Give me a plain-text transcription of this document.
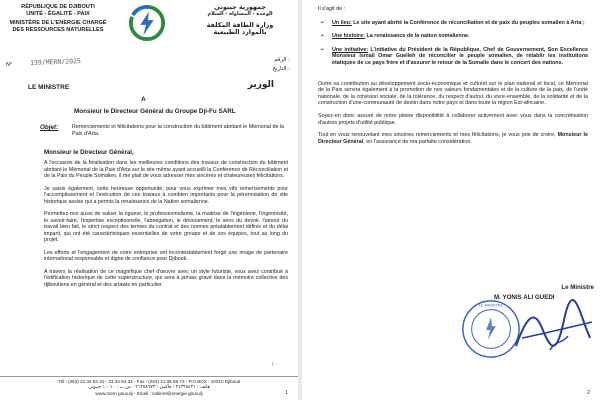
RÉPUBLIQUE DE DJIBOUTI
UNITÉ - ÉGALITÉ - PAIX
MINISTÈRE DE L'ENERGIE CHARGÉ
DES RESSOURCES NATURELLES
جمهورية جيبوتي
الوحدة - المساواة - السلام
وزارة الطاقة المكلفة
بالموارد الطبيعية
N°	139/MERN/2025	الرقم :
التاريخ :
LE MINISTRE	الوزير
A
Monsieur le Directeur Général du Groupe Dji-Fu SARL
Objet:	Remerciements et félicitations pour la construction du bâtiment abritant le Mémorial de la Paix d'Arta.
Monsieur le Directeur Général,

A l'occasion de la finalisation dans les meilleures conditions des travaux de construction du bâtiment abritant le Mémorial de la Paix d'Arta sur le site même ayant accueilli la Conférence de Réconciliation et de la Paix du Peuple Somalien, il me plait de vous adresser mes sincères et chaleureuses félicitations.

Je saisis également, cette heureuse opportunité, pour vous exprimer mes vifs remerciements pour l'accomplissement et l'exécution de ces travaux à combien importants pour la pérennisation de site historique assise qui a permis la renaissance de la Nation somalienne.

Permettez-moi aussi de saluer la rigueur, le professionnalisme, la maitrise de l'ingénierie, l'ingéniosité, le savoir-faire, l'expertise exceptionnelle, l'abnégation, le dévouement, le sens du devoir, l'amour du travail bien fait, le strict respect des termes du contrat et des normes préalablement définis et du délai imparti, qui ont été caractéristiques essentielles de votre groupe et de vos équipes, tout au long du projet.

Les efforts et l'engagement de votre entreprise ont incontestablement forgé une image de partenaire international responsable et digne de confiance pour Djibouti.

A travers la réalisation de ce magnifique chef d'œuvre avec un style futuriste, vous avez contribué à l'édification historique de cette superstructure, qui sera à jamais gravé dans la mémoire collective des djiboutiens en général et des artawis en particulier.

١٠
Tél : (253) 21 32 54 31 - 21 32 54 34 - Fax : (253) 21 35 86 73 - P.O.BOX : 10010 Djibouti
هاتف : ٢١٣٢٥٤٣١ - فاكس : ٢١٣٥٨٦٧٣ - ص.ب : ١٠٠١٠ جيبوتي
www.mern.gouv.dj - Email : cabinet@energie.gouv.dj	1

Il s'agit de :

➢ Un lieu: Le site ayant abrité la Conférence de réconciliation et de paix du peuples somalien à Arta ;
➢ Une histoire: La renaissance de la nation somalienne.
➢ Une initiative: L'initiative du Président de la République, Chef de Gouvernement, Son Excellence Monsieur Ismail Omar Guelleh de réconcilier le peuple somalien, de rétablir les institutions étatiques de ce pays frère et d'assurer le retour de la Somalie dans le concert des nations.

Outre sa contribution au développement socio-économique et culturel sur le plan national et local, ce Mémorial de la Paix servira également à la promotion de nos valeurs fondamentales et de la culture de la paix, de l'unité nationale, de la cohésion sociale, de la tolérance, du respect d'autrui, du vivre-ensemble, de la solidarité et de la construction d'une-communauté de destin dans notre pays et dans toute la région Est-africaine.

Soyez-en donc assuré de notre pleine disponibilité à collaborer activement avec vous dans la concrétisation d'autres projets d'utilité publique.

Tout en vous renouvelant mes sincères remerciements et mes félicitations, je vous prie de croire, Monsieur le Directeur Général, en l'assurance de ma parfaite considération.

Le Ministre
M. YONIS ALI GUEDI
LE MINISTRE
2
